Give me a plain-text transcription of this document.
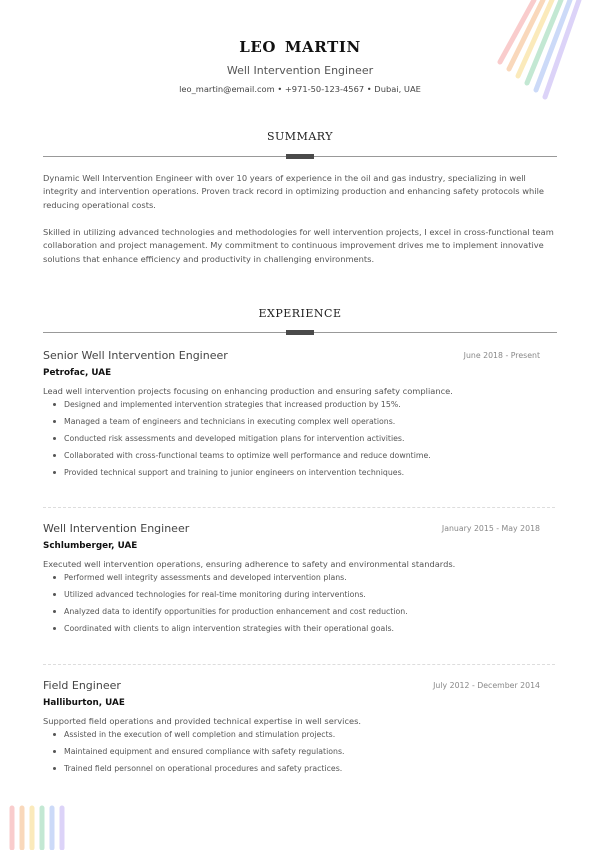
LEO MARTIN
Well Intervention Engineer
leo_martin@email.com • +971-50-123-4567 • Dubai, UAE
SUMMARY
Dynamic Well Intervention Engineer with over 10 years of experience in the oil and gas industry, specializing in well integrity and intervention operations. Proven track record in optimizing production and enhancing safety protocols while reducing operational costs.
Skilled in utilizing advanced technologies and methodologies for well intervention projects, I excel in cross-functional team collaboration and project management. My commitment to continuous improvement drives me to implement innovative solutions that enhance efficiency and productivity in challenging environments.
EXPERIENCE
Senior Well Intervention Engineer	June 2018 - Present
Petrofac, UAE
Lead well intervention projects focusing on enhancing production and ensuring safety compliance.
Designed and implemented intervention strategies that increased production by 15%.
Managed a team of engineers and technicians in executing complex well operations.
Conducted risk assessments and developed mitigation plans for intervention activities.
Collaborated with cross-functional teams to optimize well performance and reduce downtime.
Provided technical support and training to junior engineers on intervention techniques.
Well Intervention Engineer	January 2015 - May 2018
Schlumberger, UAE
Executed well intervention operations, ensuring adherence to safety and environmental standards.
Performed well integrity assessments and developed intervention plans.
Utilized advanced technologies for real-time monitoring during interventions.
Analyzed data to identify opportunities for production enhancement and cost reduction.
Coordinated with clients to align intervention strategies with their operational goals.
Field Engineer	July 2012 - December 2014
Halliburton, UAE
Supported field operations and provided technical expertise in well services.
Assisted in the execution of well completion and stimulation projects.
Maintained equipment and ensured compliance with safety regulations.
Trained field personnel on operational procedures and safety practices.
